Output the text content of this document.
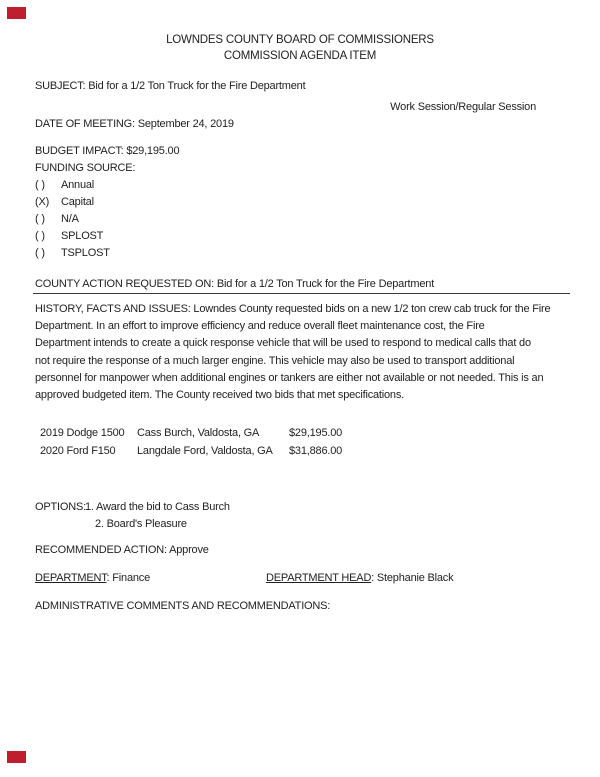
LOWNDES COUNTY BOARD OF COMMISSIONERS
COMMISSION AGENDA ITEM
SUBJECT: Bid for a 1/2 Ton Truck for the Fire Department
Work Session/Regular Session
DATE OF MEETING: September 24, 2019
BUDGET IMPACT: $29,195.00
FUNDING SOURCE:
( ) Annual
(X) Capital
( ) N/A
( ) SPLOST
( ) TSPLOST
COUNTY ACTION REQUESTED ON: Bid for a 1/2 Ton Truck for the Fire Department
HISTORY, FACTS AND ISSUES: Lowndes County requested bids on a new 1/2 ton crew cab truck for the Fire
Department. In an effort to improve efficiency and reduce overall fleet maintenance cost, the Fire
Department intends to create a quick response vehicle that will be used to respond to medical calls that do
not require the response of a much larger engine. This vehicle may also be used to transport additional
personnel for manpower when additional engines or tankers are either not available or not needed. This is an
approved budgeted item. The County received two bids that met specifications.
2019 Dodge 1500	Cass Burch, Valdosta, GA	$29,195.00
2020 Ford F150	Langdale Ford, Valdosta, GA	$31,886.00
OPTIONS:1. Award the bid to Cass Burch
2. Board's Pleasure
RECOMMENDED ACTION: Approve
DEPARTMENT: Finance	DEPARTMENT HEAD: Stephanie Black
ADMINISTRATIVE COMMENTS AND RECOMMENDATIONS:
